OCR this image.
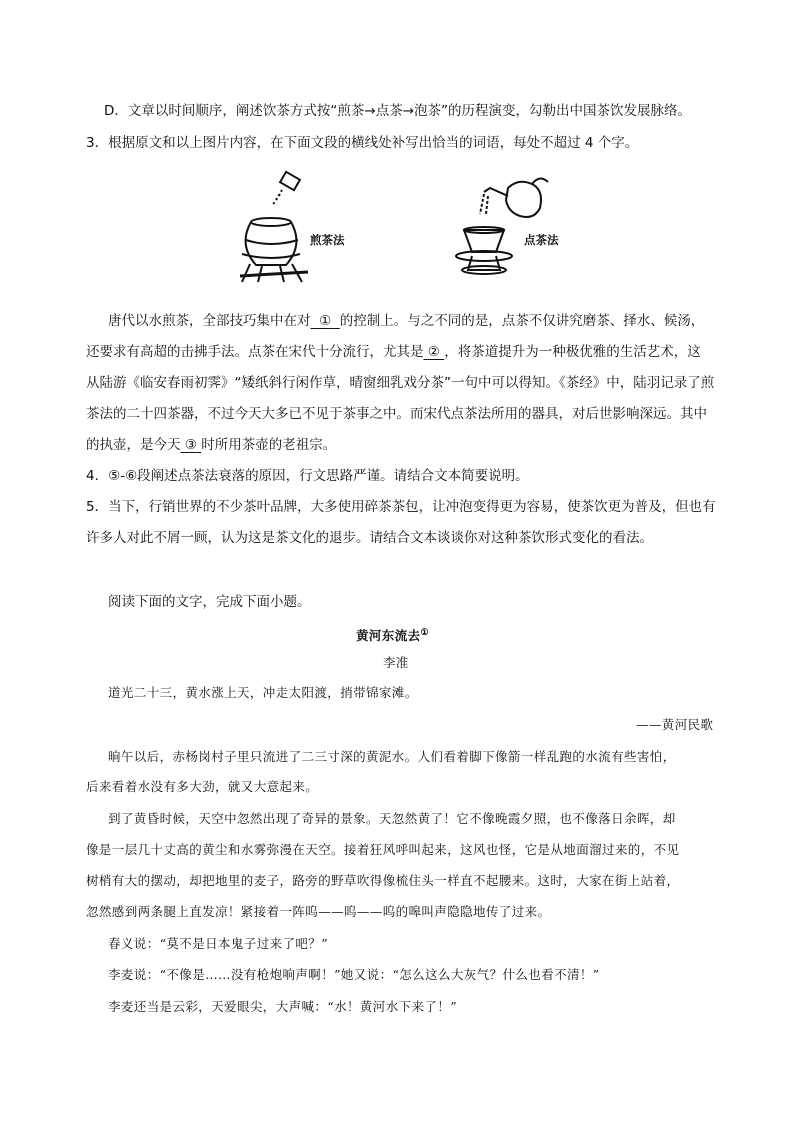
D．文章以时间顺序，阐述饮茶方式按“煎茶→点茶→泡茶”的历程演变，勾勒出中国茶饮发展脉络。
3．根据原文和以上图片内容，在下面文段的横线处补写出恰当的词语，每处不超过 4 个字。
煎茶法	点茶法
唐代以水煎茶，全部技巧集中在对 ① 的控制上。与之不同的是，点茶不仅讲究磨茶、择水、候汤，
还要求有高超的击拂手法。点茶在宋代十分流行，尤其是 ② ，将茶道提升为一种极优雅的生活艺术，这
从陆游《临安春雨初霁》“矮纸斜行闲作草，晴窗细乳戏分茶”一句中可以得知。《茶经》中，陆羽记录了煎
茶法的二十四茶器，不过今天大多已不见于茶事之中。而宋代点茶法所用的器具，对后世影响深远。其中
的执壶，是今天 ③ 时所用茶壶的老祖宗。
4．⑤-⑥段阐述点茶法衰落的原因，行文思路严谨。请结合文本简要说明。
5．当下，行销世界的不少茶叶品牌，大多使用碎茶茶包，让冲泡变得更为容易，使茶饮更为普及，但也有
许多人对此不屑一顾，认为这是茶文化的退步。请结合文本谈谈你对这种茶饮形式变化的看法。
阅读下面的文字，完成下面小题。
黄河东流去①
李准
道光二十三，黄水涨上天，冲走太阳渡，捎带锦家滩。
——黄河民歌
晌午以后，赤杨岗村子里只流进了二三寸深的黄泥水。人们看着脚下像箭一样乱跑的水流有些害怕，
后来看着水没有多大劲，就又大意起来。
到了黄昏时候，天空中忽然出现了奇异的景象。天忽然黄了！它不像晚霞夕照，也不像落日余晖，却
像是一层几十丈高的黄尘和水雾弥漫在天空。接着狂风呼叫起来，这风也怪，它是从地面溜过来的，不见
树梢有大的摆动，却把地里的麦子，路旁的野草吹得像梳住头一样直不起腰来。这时，大家在街上站着，
忽然感到两条腿上直发凉！紧接着一阵呜——呜——呜的嗥叫声隐隐地传了过来。
春义说：“莫不是日本鬼子过来了吧？”
李麦说：“不像是……没有枪炮响声啊！”她又说：“怎么这么大灰气？什么也看不清！”
李麦还当是云彩，天爱眼尖，大声喊：“水！黄河水下来了！”
